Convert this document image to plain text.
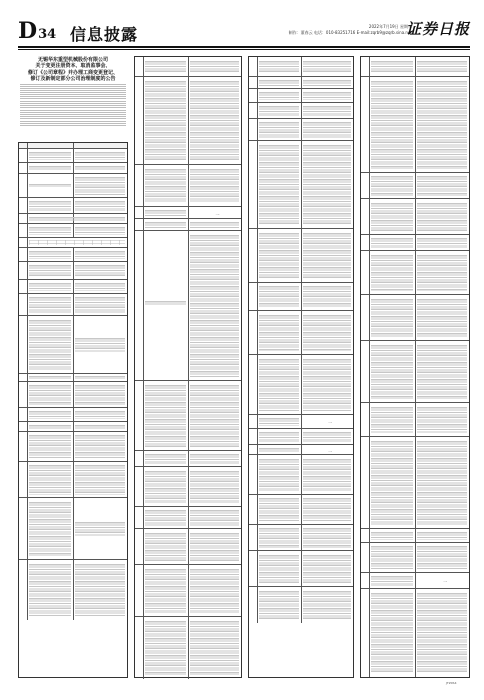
D34 信息披露	2022年7月19日 星期二
制作：董春云 电话：010-83251716 E-mail:zqrb9@zqrb.sina.net
证券日报
无锡华东重型机械股份有限公司
关于变更注册资本、取消监事会、
修订《公司章程》并办理工商变更登记、
修订及新制定部分公司治理制度的公告
一
一
一
一
JTZ0S4
